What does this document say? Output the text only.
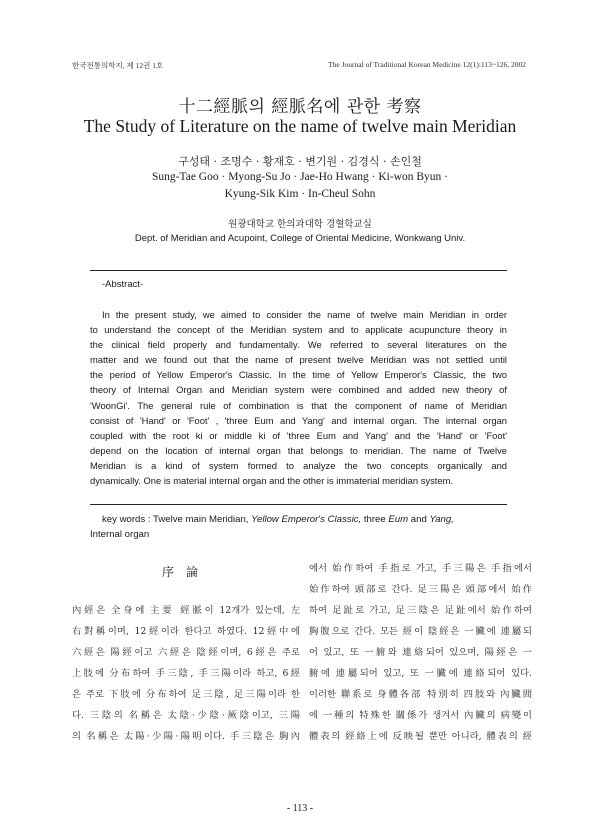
한국전통의학지, 제 12권 1호	The Journal of Traditional Korean Medicine 12(1):113~126, 2002
十二經脈의 經脈名에 관한 考察
The Study of Literature on the name of twelve main Meridian
구성태 · 조명수 · 황재호 · 변기원 · 김경식 · 손인철
Sung-Tae Goo · Myong-Su Jo · Jae-Ho Hwang · Ki-won Byun ·
Kyung-Sik Kim · In-Cheul Sohn
원광대학교 한의과대학 경혈학교실
Dept. of Meridian and Acupoint, College of Oriental Medicine, Wonkwang Univ.
-Abstract-
In the present study, we aimed to consider the name of twelve main Meridian in order
to understand the concept of the Meridian system and to applicate acupuncture theory in
the clinical field properly and fundamentally. We referred to several literatures on the
matter and we found out that the name of present twelve Meridian was not settled until
the period of Yellow Emperor's Classic. In the time of Yellow Emperor's Classic, the two
theory of Internal Organ and Meridian system were combined and added new theory of
'WoonGi'. The general rule of combination is that the component of name of Meridian
consist of 'Hand' or 'Foot' , 'three Eum and Yang' and internal organ. The internal organ
coupled with the root ki or middle ki of 'three Eum and Yang' and the 'Hand' or 'Foot'
depend on the location of internal organ that belongs to meridian. The name of Twelve
Meridian is a kind of system formed to analyze the two concepts organically and
dynamically. One is material internal organ and the other is immaterial meridian system.
key words : Twelve main Meridian, Yellow Emperor's Classic, three Eum and Yang,
Internal organ
序論
內經은 全身에 主要 經脈이 12개가 있는데, 左
右對稱이며, 12經이라 한다고 하였다. 12經中에
六經은 陽經이고 六經은 陰經이며, 6經은 주로
上肢에 分布하여 手三陰, 手三陽이라 하고, 6經
은 주로 下肢에 分布하여 足三陰, 足三陽이라 한
다. 三陰의 名稱은 太陰·少陰·厥陰이고, 三陽
의 名稱은 太陽·少陽·陽明이다. 手三陰은 胸內
에서 始作하여 手指로 가고, 手三陽은 手指에서
始作하여 頭部로 간다. 足三陽은 頭部에서 始作
하여 足趾로 가고, 足三陰은 足趾에서 始作하여
胸腹으로 간다. 모든 經이 陰經은 一臟에 連屬되
어 있고, 또 一腑와 連絡되어 있으며, 陽經은 一
腑에 連屬되어 있고, 또 一臟에 連絡되어 있다.
이러한 聯系로 身體各部 特別히 四肢와 內臟間
에 一種의 特殊한 關係가 생겨서 內臟의 病變이
體表의 經絡上에 反映될 뿐만 아니라, 體表의 經
- 113 -
